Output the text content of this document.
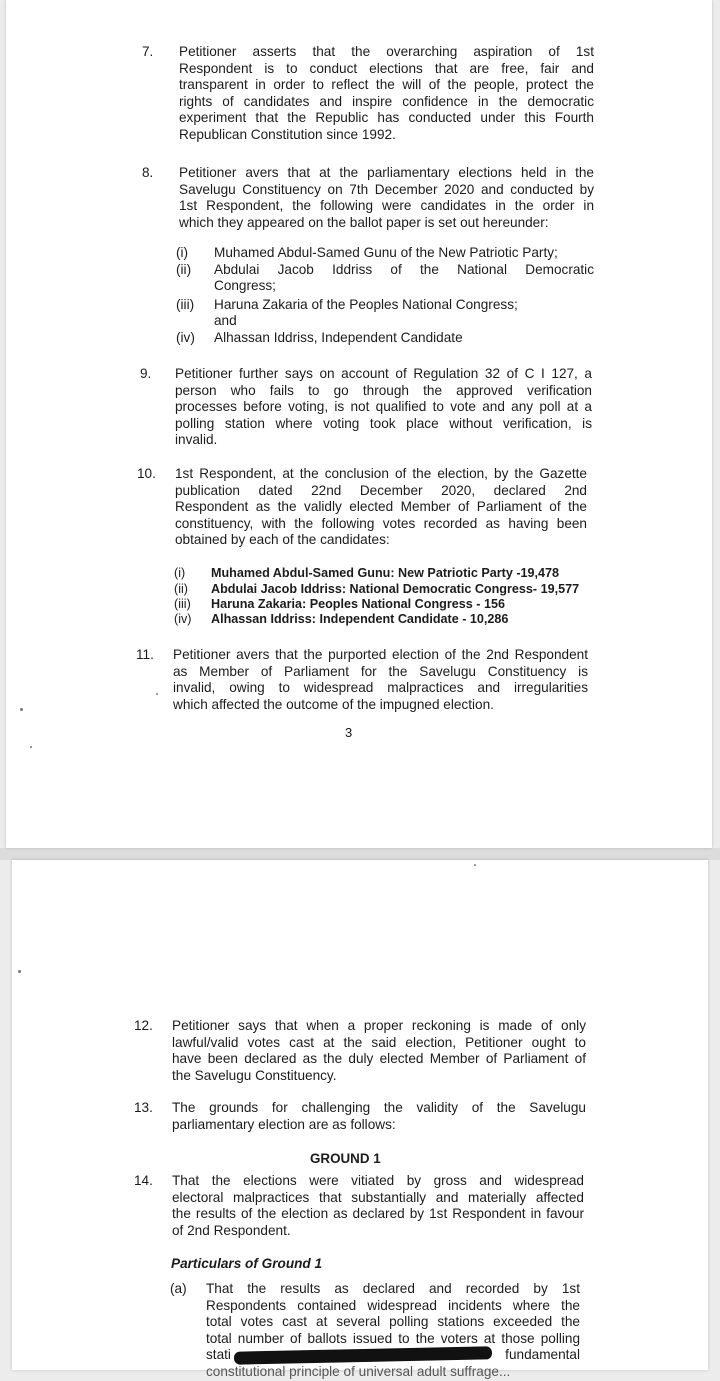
7. Petitioner asserts that the overarching aspiration of 1st
Respondent is to conduct elections that are free, fair and
transparent in order to reflect the will of the people, protect the
rights of candidates and inspire confidence in the democratic
experiment that the Republic has conducted under this Fourth
Republican Constitution since 1992.
8. Petitioner avers that at the parliamentary elections held in the
Savelugu Constituency on 7th December 2020 and conducted by
1st Respondent, the following were candidates in the order in
which they appeared on the ballot paper is set out hereunder:
(i) Muhamed Abdul-Samed Gunu of the New Patriotic Party;
(ii) Abdulai Jacob Iddriss of the National Democratic
Congress;
(iii) Haruna Zakaria of the Peoples National Congress;
and
(iv) Alhassan Iddriss, Independent Candidate
9. Petitioner further says on account of Regulation 32 of C I 127, a
person who fails to go through the approved verification
processes before voting, is not qualified to vote and any poll at a
polling station where voting took place without verification, is
invalid.
10. 1st Respondent, at the conclusion of the election, by the Gazette
publication dated 22nd December 2020, declared 2nd
Respondent as the validly elected Member of Parliament of the
constituency, with the following votes recorded as having been
obtained by each of the candidates:
(i) Muhamed Abdul-Samed Gunu: New Patriotic Party -19,478
(ii) Abdulai Jacob Iddriss: National Democratic Congress- 19,577
(iii) Haruna Zakaria: Peoples National Congress - 156
(iv) Alhassan Iddriss: Independent Candidate - 10,286
11. Petitioner avers that the purported election of the 2nd Respondent
as Member of Parliament for the Savelugu Constituency is
invalid, owing to widespread malpractices and irregularities
which affected the outcome of the impugned election.
3
12. Petitioner says that when a proper reckoning is made of only
lawful/valid votes cast at the said election, Petitioner ought to
have been declared as the duly elected Member of Parliament of
the Savelugu Constituency.
13. The grounds for challenging the validity of the Savelugu
parliamentary election are as follows:
GROUND 1
14. That the elections were vitiated by gross and widespread
electoral malpractices that substantially and materially affected
the results of the election as declared by 1st Respondent in favour
of 2nd Respondent.
Particulars of Ground 1
(a) That the results as declared and recorded by 1st
Respondents contained widespread incidents where the
total votes cast at several polling stations exceeded the
total number of ballots issued to the voters at those polling
stati	fundamental
constitutional principle of universal adult suffrage...
